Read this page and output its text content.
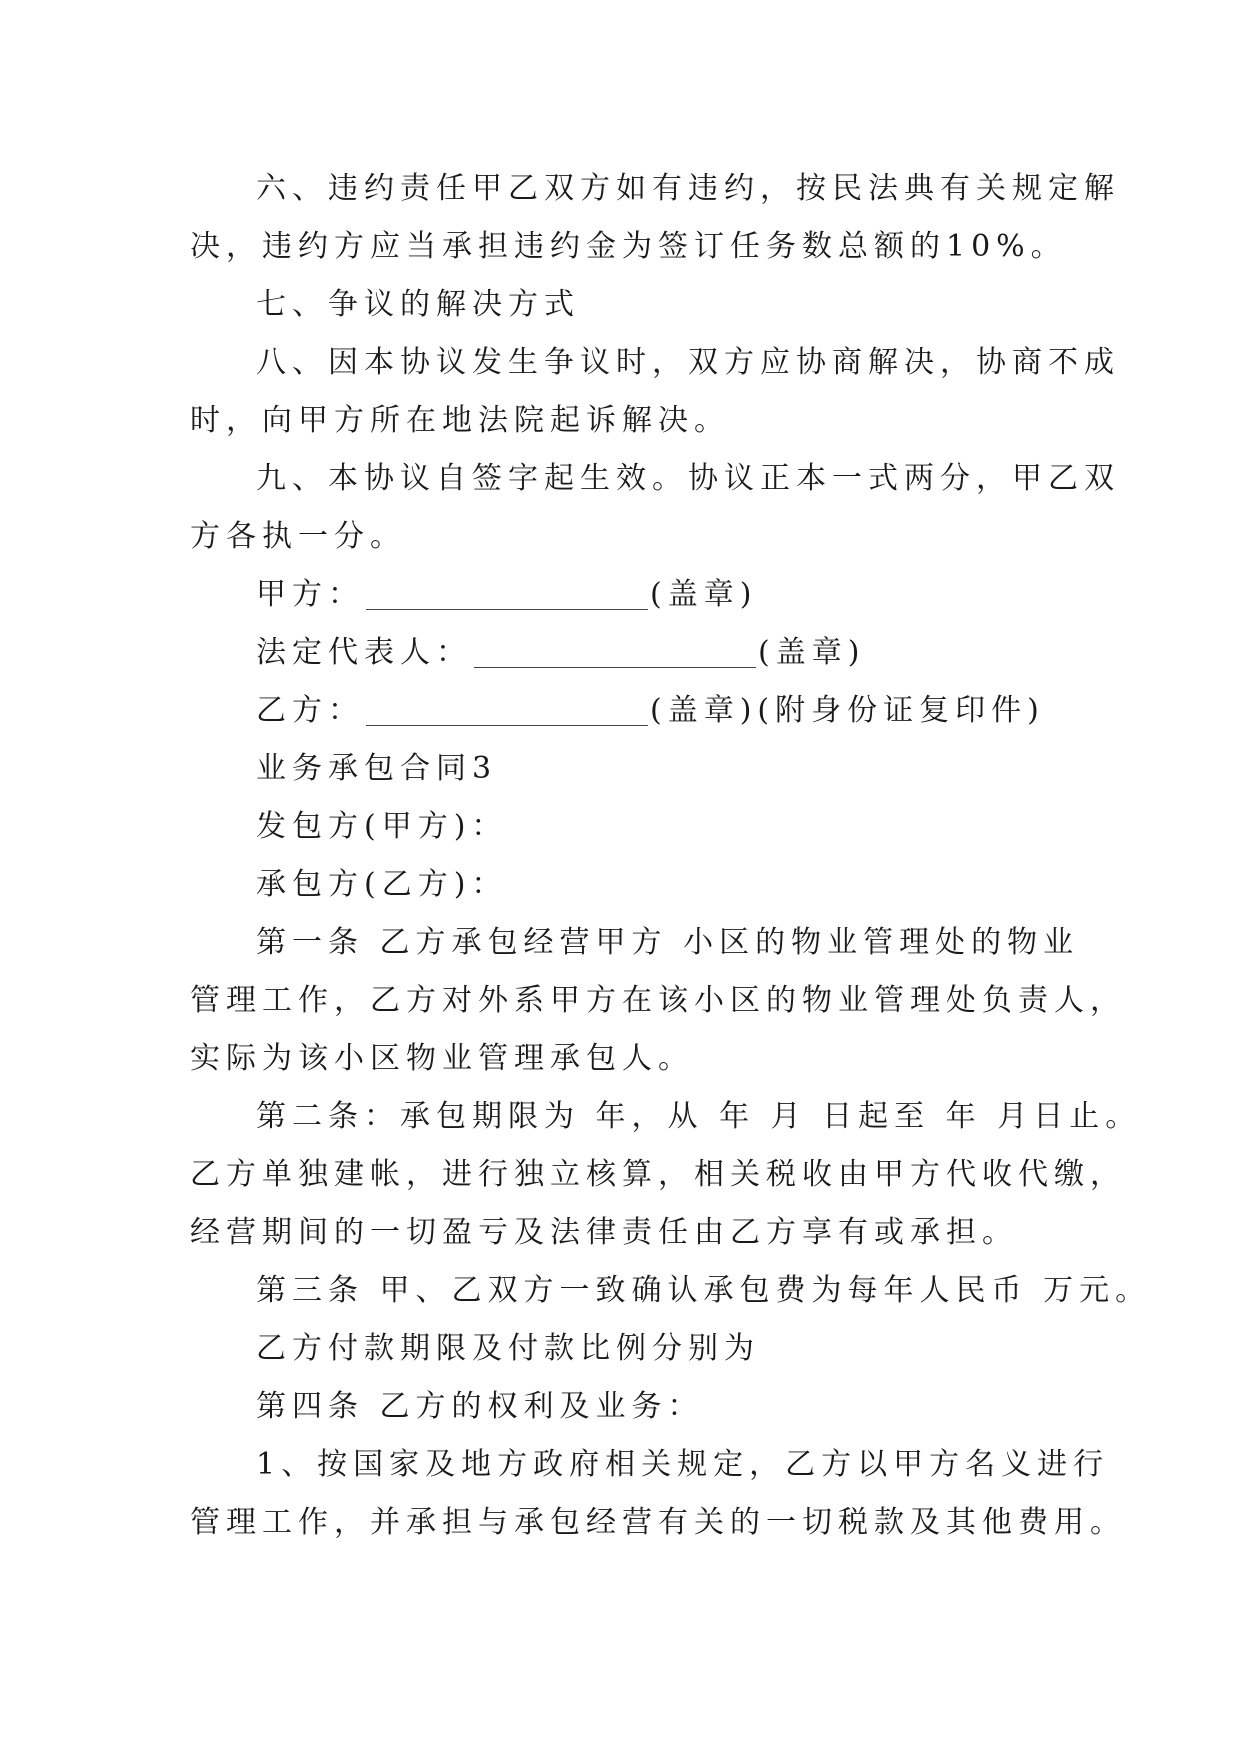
六、违约责任甲乙双方如有违约，按民法典有关规定解
决，违约方应当承担违约金为签订任务数总额的10%。
七、争议的解决方式
八、因本协议发生争议时，双方应协商解决，协商不成
时，向甲方所在地法院起诉解决。
九、本协议自签字起生效。协议正本一式两分，甲乙双
方各执一分。
甲方：	(盖章)
法定代表人：	(盖章)
乙方：	(盖章)(附身份证复印件)
业务承包合同3
发包方(甲方)：
承包方(乙方)：
第一条 乙方承包经营甲方 小区的物业管理处的物业
管理工作，乙方对外系甲方在该小区的物业管理处负责人，
实际为该小区物业管理承包人。
第二条：承包期限为 年，从 年 月 日起至 年 月日止。
乙方单独建帐，进行独立核算，相关税收由甲方代收代缴，
经营期间的一切盈亏及法律责任由乙方享有或承担。
第三条 甲、乙双方一致确认承包费为每年人民币 万元。
乙方付款期限及付款比例分别为
第四条 乙方的权利及业务：
1、按国家及地方政府相关规定，乙方以甲方名义进行
管理工作，并承担与承包经营有关的一切税款及其他费用。
